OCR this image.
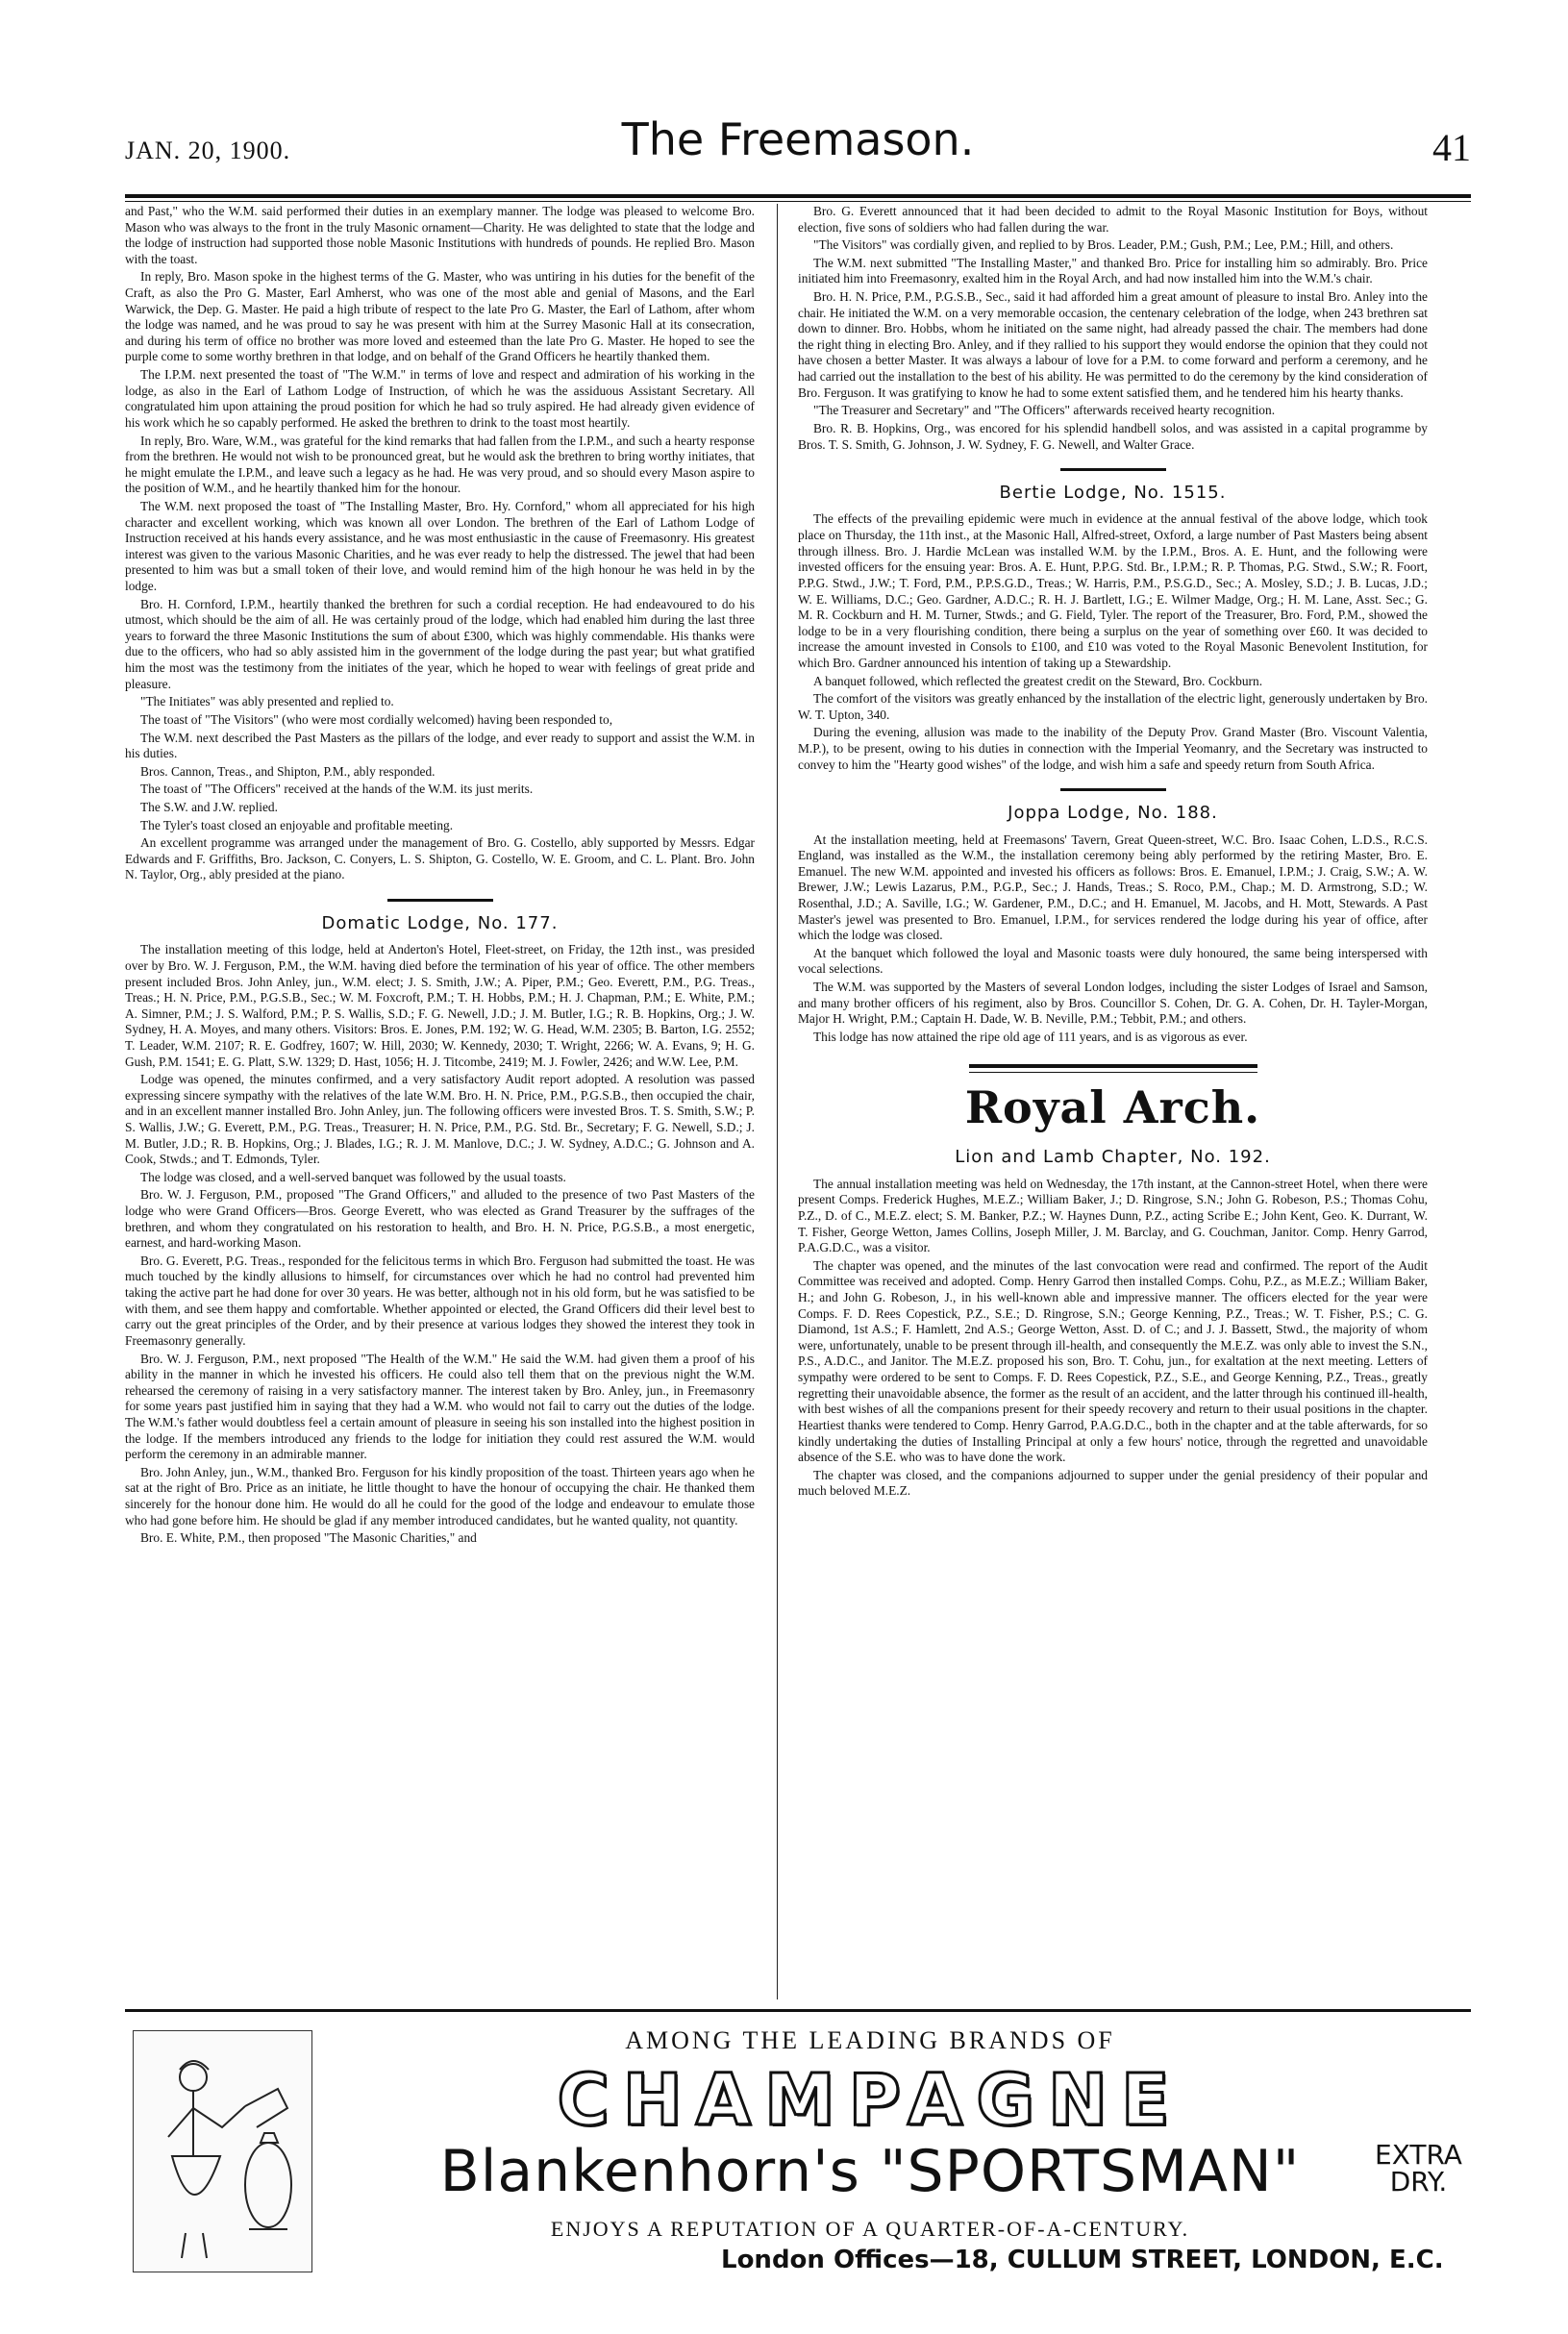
JAN. 20, 1900.	The Freemason.	41

and Past," who the W.M. said performed their duties in an exemplary manner. The lodge was pleased to welcome Bro. Mason who was always to the front in the truly Masonic ornament—Charity. He was delighted to state that the lodge and the lodge of instruction had supported those noble Masonic Institutions with hundreds of pounds. He replied Bro. Mason with the toast.

In reply, Bro. Mason spoke in the highest terms of the G. Master, who was untiring in his duties for the benefit of the Craft, as also the Pro G. Master, Earl Amherst, who was one of the most able and genial of Masons, and the Earl Warwick, the Dep. G. Master. He paid a high tribute of respect to the late Pro G. Master, the Earl of Lathom, after whom the lodge was named, and he was proud to say he was present with him at the Surrey Masonic Hall at its consecration, and during his term of office no brother was more loved and esteemed than the late Pro G. Master. He hoped to see the purple come to some worthy brethren in that lodge, and on behalf of the Grand Officers he heartily thanked them.

The I.P.M. next presented the toast of "The W.M." in terms of love and respect and admiration of his working in the lodge, as also in the Earl of Lathom Lodge of Instruction, of which he was the assiduous Assistant Secretary. All congratulated him upon attaining the proud position for which he had so truly aspired. He had already given evidence of his work which he so capably performed. He asked the brethren to drink to the toast most heartily.

In reply, Bro. Ware, W.M., was grateful for the kind remarks that had fallen from the I.P.M., and such a hearty response from the brethren. He would not wish to be pronounced great, but he would ask the brethren to bring worthy initiates, that he might emulate the I.P.M., and leave such a legacy as he had. He was very proud, and so should every Mason aspire to the position of W.M., and he heartily thanked him for the honour.

The W.M. next proposed the toast of "The Installing Master, Bro. Hy. Cornford," whom all appreciated for his high character and excellent working, which was known all over London. The brethren of the Earl of Lathom Lodge of Instruction received at his hands every assistance, and he was most enthusiastic in the cause of Freemasonry. His greatest interest was given to the various Masonic Charities, and he was ever ready to help the distressed. The jewel that had been presented to him was but a small token of their love, and would remind him of the high honour he was held in by the lodge.

Bro. H. Cornford, I.P.M., heartily thanked the brethren for such a cordial reception. He had endeavoured to do his utmost, which should be the aim of all. He was certainly proud of the lodge, which had enabled him during the last three years to forward the three Masonic Institutions the sum of about £300, which was highly commendable. His thanks were due to the officers, who had so ably assisted him in the government of the lodge during the past year; but what gratified him the most was the testimony from the initiates of the year, which he hoped to wear with feelings of great pride and pleasure.

"The Initiates" was ably presented and replied to.

The toast of "The Visitors" (who were most cordially welcomed) having been responded to,

The W.M. next described the Past Masters as the pillars of the lodge, and ever ready to support and assist the W.M. in his duties.

Bros. Cannon, Treas., and Shipton, P.M., ably responded.

The toast of "The Officers" received at the hands of the W.M. its just merits.

The S.W. and J.W. replied.

The Tyler's toast closed an enjoyable and profitable meeting.

An excellent programme was arranged under the management of Bro. G. Costello, ably supported by Messrs. Edgar Edwards and F. Griffiths, Bro. Jackson, C. Conyers, L. S. Shipton, G. Costello, W. E. Groom, and C. L. Plant. Bro. John N. Taylor, Org., ably presided at the piano.

Domatic Lodge, No. 177.

The installation meeting of this lodge, held at Anderton's Hotel, Fleet-street, on Friday, the 12th inst., was presided over by Bro. W. J. Ferguson, P.M., the W.M. having died before the termination of his year of office. The other members present included Bros. John Anley, jun., W.M. elect; J. S. Smith, J.W.; A. Piper, P.M.; Geo. Everett, P.M., P.G. Treas., Treas.; H. N. Price, P.M., P.G.S.B., Sec.; W. M. Foxcroft, P.M.; T. H. Hobbs, P.M.; H. J. Chapman, P.M.; E. White, P.M.; A. Simner, P.M.; J. S. Walford, P.M.; P. S. Wallis, S.D.; F. G. Newell, J.D.; J. M. Butler, I.G.; R. B. Hopkins, Org.; J. W. Sydney, H. A. Moyes, and many others. Visitors: Bros. E. Jones, P.M. 192; W. G. Head, W.M. 2305; B. Barton, I.G. 2552; T. Leader, W.M. 2107; R. E. Godfrey, 1607; W. Hill, 2030; W. Kennedy, 2030; T. Wright, 2266; W. A. Evans, 9; H. G. Gush, P.M. 1541; E. G. Platt, S.W. 1329; D. Hast, 1056; H. J. Titcombe, 2419; M. J. Fowler, 2426; and W.W. Lee, P.M.

Lodge was opened, the minutes confirmed, and a very satisfactory Audit report adopted. A resolution was passed expressing sincere sympathy with the relatives of the late W.M. Bro. H. N. Price, P.M., P.G.S.B., then occupied the chair, and in an excellent manner installed Bro. John Anley, jun. The following officers were invested Bros. T. S. Smith, S.W.; P. S. Wallis, J.W.; G. Everett, P.M., P.G. Treas., Treasurer; H. N. Price, P.M., P.G. Std. Br., Secretary; F. G. Newell, S.D.; J. M. Butler, J.D.; R. B. Hopkins, Org.; J. Blades, I.G.; R. J. M. Manlove, D.C.; J. W. Sydney, A.D.C.; G. Johnson and A. Cook, Stwds.; and T. Edmonds, Tyler.

The lodge was closed, and a well-served banquet was followed by the usual toasts.

Bro. W. J. Ferguson, P.M., proposed "The Grand Officers," and alluded to the presence of two Past Masters of the lodge who were Grand Officers—Bros. George Everett, who was elected as Grand Treasurer by the suffrages of the brethren, and whom they congratulated on his restoration to health, and Bro. H. N. Price, P.G.S.B., a most energetic, earnest, and hard-working Mason.

Bro. G. Everett, P.G. Treas., responded for the felicitous terms in which Bro. Ferguson had submitted the toast. He was much touched by the kindly allusions to himself, for circumstances over which he had no control had prevented him taking the active part he had done for over 30 years. He was better, although not in his old form, but he was satisfied to be with them, and see them happy and comfortable. Whether appointed or elected, the Grand Officers did their level best to carry out the great principles of the Order, and by their presence at various lodges they showed the interest they took in Freemasonry generally.

Bro. W. J. Ferguson, P.M., next proposed "The Health of the W.M." He said the W.M. had given them a proof of his ability in the manner in which he invested his officers. He could also tell them that on the previous night the W.M. rehearsed the ceremony of raising in a very satisfactory manner. The interest taken by Bro. Anley, jun., in Freemasonry for some years past justified him in saying that they had a W.M. who would not fail to carry out the duties of the lodge. The W.M.'s father would doubtless feel a certain amount of pleasure in seeing his son installed into the highest position in the lodge. If the members introduced any friends to the lodge for initiation they could rest assured the W.M. would perform the ceremony in an admirable manner.

Bro. John Anley, jun., W.M., thanked Bro. Ferguson for his kindly proposition of the toast. Thirteen years ago when he sat at the right of Bro. Price as an initiate, he little thought to have the honour of occupying the chair. He thanked them sincerely for the honour done him. He would do all he could for the good of the lodge and endeavour to emulate those who had gone before him. He should be glad if any member introduced candidates, but he wanted quality, not quantity.

Bro. E. White, P.M., then proposed "The Masonic Charities," and

Bro. G. Everett announced that it had been decided to admit to the Royal Masonic Institution for Boys, without election, five sons of soldiers who had fallen during the war.

"The Visitors" was cordially given, and replied to by Bros. Leader, P.M.; Gush, P.M.; Lee, P.M.; Hill, and others.

The W.M. next submitted "The Installing Master," and thanked Bro. Price for installing him so admirably. Bro. Price initiated him into Freemasonry, exalted him in the Royal Arch, and had now installed him into the W.M.'s chair.

Bro. H. N. Price, P.M., P.G.S.B., Sec., said it had afforded him a great amount of pleasure to instal Bro. Anley into the chair. He initiated the W.M. on a very memorable occasion, the centenary celebration of the lodge, when 243 brethren sat down to dinner. Bro. Hobbs, whom he initiated on the same night, had already passed the chair. The members had done the right thing in electing Bro. Anley, and if they rallied to his support they would endorse the opinion that they could not have chosen a better Master. It was always a labour of love for a P.M. to come forward and perform a ceremony, and he had carried out the installation to the best of his ability. He was permitted to do the ceremony by the kind consideration of Bro. Ferguson. It was gratifying to know he had to some extent satisfied them, and he tendered him his hearty thanks.

"The Treasurer and Secretary" and "The Officers" afterwards received hearty recognition.

Bro. R. B. Hopkins, Org., was encored for his splendid handbell solos, and was assisted in a capital programme by Bros. T. S. Smith, G. Johnson, J. W. Sydney, F. G. Newell, and Walter Grace.

Bertie Lodge, No. 1515.

The effects of the prevailing epidemic were much in evidence at the annual festival of the above lodge, which took place on Thursday, the 11th inst., at the Masonic Hall, Alfred-street, Oxford, a large number of Past Masters being absent through illness. Bro. J. Hardie McLean was installed W.M. by the I.P.M., Bros. A. E. Hunt, and the following were invested officers for the ensuing year: Bros. A. E. Hunt, P.P.G. Std. Br., I.P.M.; R. P. Thomas, P.G. Stwd., S.W.; R. Foort, P.P.G. Stwd., J.W.; T. Ford, P.M., P.P.S.G.D., Treas.; W. Harris, P.M., P.S.G.D., Sec.; A. Mosley, S.D.; J. B. Lucas, J.D.; W. E. Williams, D.C.; Geo. Gardner, A.D.C.; R. H. J. Bartlett, I.G.; E. Wilmer Madge, Org.; H. M. Lane, Asst. Sec.; G. M. R. Cockburn and H. M. Turner, Stwds.; and G. Field, Tyler. The report of the Treasurer, Bro. Ford, P.M., showed the lodge to be in a very flourishing condition, there being a surplus on the year of something over £60. It was decided to increase the amount invested in Consols to £100, and £10 was voted to the Royal Masonic Benevolent Institution, for which Bro. Gardner announced his intention of taking up a Stewardship.

A banquet followed, which reflected the greatest credit on the Steward, Bro. Cockburn.

The comfort of the visitors was greatly enhanced by the installation of the electric light, generously undertaken by Bro. W. T. Upton, 340.

During the evening, allusion was made to the inability of the Deputy Prov. Grand Master (Bro. Viscount Valentia, M.P.), to be present, owing to his duties in connection with the Imperial Yeomanry, and the Secretary was instructed to convey to him the "Hearty good wishes" of the lodge, and wish him a safe and speedy return from South Africa.

Joppa Lodge, No. 188.

At the installation meeting, held at Freemasons' Tavern, Great Queen-street, W.C. Bro. Isaac Cohen, L.D.S., R.C.S. England, was installed as the W.M., the installation ceremony being ably performed by the retiring Master, Bro. E. Emanuel. The new W.M. appointed and invested his officers as follows: Bros. E. Emanuel, I.P.M.; J. Craig, S.W.; A. W. Brewer, J.W.; Lewis Lazarus, P.M., P.G.P., Sec.; J. Hands, Treas.; S. Roco, P.M., Chap.; M. D. Armstrong, S.D.; W. Rosenthal, J.D.; A. Saville, I.G.; W. Gardener, P.M., D.C.; and H. Emanuel, M. Jacobs, and H. Mott, Stewards. A Past Master's jewel was presented to Bro. Emanuel, I.P.M., for services rendered the lodge during his year of office, after which the lodge was closed.

At the banquet which followed the loyal and Masonic toasts were duly honoured, the same being interspersed with vocal selections.

The W.M. was supported by the Masters of several London lodges, including the sister Lodges of Israel and Samson, and many brother officers of his regiment, also by Bros. Councillor S. Cohen, Dr. G. A. Cohen, Dr. H. Tayler-Morgan, Major H. Wright, P.M.; Captain H. Dade, W. B. Neville, P.M.; Tebbit, P.M.; and others.

This lodge has now attained the ripe old age of 111 years, and is as vigorous as ever.

Royal Arch.
Lion and Lamb Chapter, No. 192.

The annual installation meeting was held on Wednesday, the 17th instant, at the Cannon-street Hotel, when there were present Comps. Frederick Hughes, M.E.Z.; William Baker, J.; D. Ringrose, S.N.; John G. Robeson, P.S.; Thomas Cohu, P.Z., D. of C., M.E.Z. elect; S. M. Banker, P.Z.; W. Haynes Dunn, P.Z., acting Scribe E.; John Kent, Geo. K. Durrant, W. T. Fisher, George Wetton, James Collins, Joseph Miller, J. M. Barclay, and G. Couchman, Janitor. Comp. Henry Garrod, P.A.G.D.C., was a visitor.

The chapter was opened, and the minutes of the last convocation were read and confirmed. The report of the Audit Committee was received and adopted. Comp. Henry Garrod then installed Comps. Cohu, P.Z., as M.E.Z.; William Baker, H.; and John G. Robeson, J., in his well-known able and impressive manner. The officers elected for the year were Comps. F. D. Rees Copestick, P.Z., S.E.; D. Ringrose, S.N.; George Kenning, P.Z., Treas.; W. T. Fisher, P.S.; C. G. Diamond, 1st A.S.; F. Hamlett, 2nd A.S.; George Wetton, Asst. D. of C.; and J. J. Bassett, Stwd., the majority of whom were, unfortunately, unable to be present through ill-health, and consequently the M.E.Z. was only able to invest the S.N., P.S., A.D.C., and Janitor. The M.E.Z. proposed his son, Bro. T. Cohu, jun., for exaltation at the next meeting. Letters of sympathy were ordered to be sent to Comps. F. D. Rees Copestick, P.Z., S.E., and George Kenning, P.Z., Treas., greatly regretting their unavoidable absence, the former as the result of an accident, and the latter through his continued ill-health, with best wishes of all the companions present for their speedy recovery and return to their usual positions in the chapter. Heartiest thanks were tendered to Comp. Henry Garrod, P.A.G.D.C., both in the chapter and at the table afterwards, for so kindly undertaking the duties of Installing Principal at only a few hours' notice, through the regretted and unavoidable absence of the S.E. who was to have done the work.

The chapter was closed, and the companions adjourned to supper under the genial presidency of their popular and much beloved M.E.Z.

AMONG THE LEADING BRANDS OF
CHAMPAGNE
Blankenhorn's "SPORTSMAN"	EXTRA
DRY.
ENJOYS A REPUTATION OF A QUARTER-OF-A-CENTURY.
London Offices—18, CULLUM STREET, LONDON, E.C.
